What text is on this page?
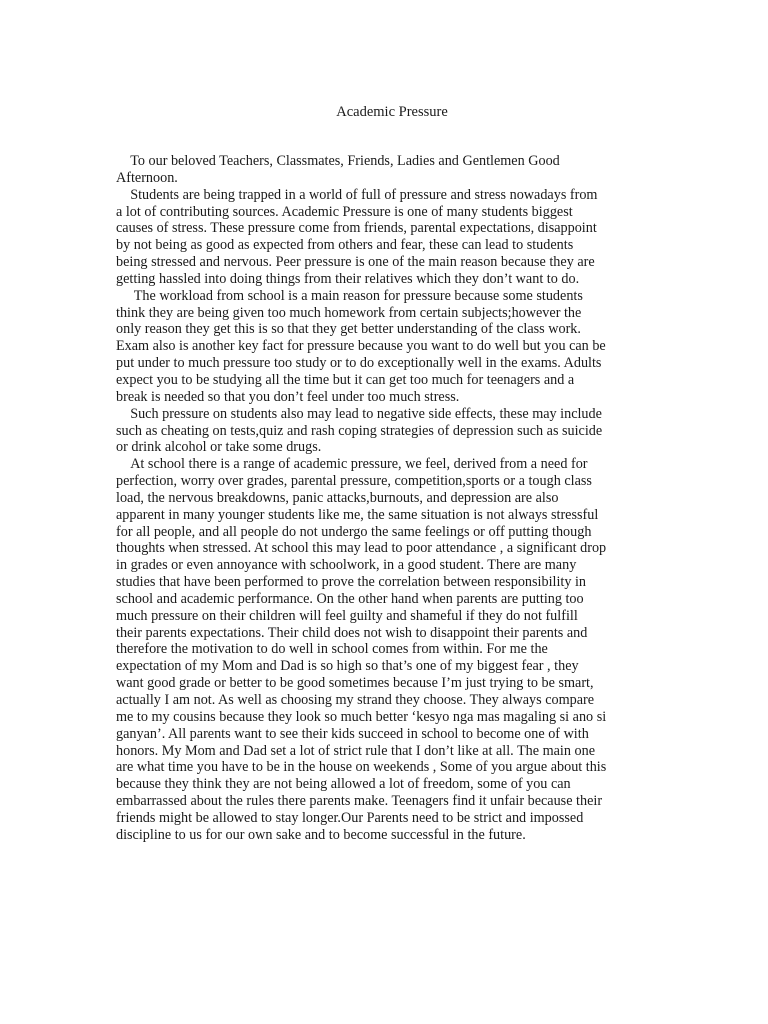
Academic Pressure
To our beloved Teachers, Classmates, Friends, Ladies and Gentlemen Good
Afternoon.
Students are being trapped in a world of full of pressure and stress nowadays from
a lot of contributing sources. Academic Pressure is one of many students biggest
causes of stress. These pressure come from friends, parental expectations, disappoint
by not being as good as expected from others and fear, these can lead to students
being stressed and nervous. Peer pressure is one of the main reason because they are
getting hassled into doing things from their relatives which they don’t want to do.
The workload from school is a main reason for pressure because some students
think they are being given too much homework from certain subjects;however the
only reason they get this is so that they get better understanding of the class work.
Exam also is another key fact for pressure because you want to do well but you can be
put under to much pressure too study or to do exceptionally well in the exams. Adults
expect you to be studying all the time but it can get too much for teenagers and a
break is needed so that you don’t feel under too much stress.
Such pressure on students also may lead to negative side effects, these may include
such as cheating on tests,quiz and rash coping strategies of depression such as suicide
or drink alcohol or take some drugs.
At school there is a range of academic pressure, we feel, derived from a need for
perfection, worry over grades, parental pressure, competition,sports or a tough class
load, the nervous breakdowns, panic attacks,burnouts, and depression are also
apparent in many younger students like me, the same situation is not always stressful
for all people, and all people do not undergo the same feelings or off putting though
thoughts when stressed. At school this may lead to poor attendance , a significant drop
in grades or even annoyance with schoolwork, in a good student. There are many
studies that have been performed to prove the correlation between responsibility in
school and academic performance. On the other hand when parents are putting too
much pressure on their children will feel guilty and shameful if they do not fulfill
their parents expectations. Their child does not wish to disappoint their parents and
therefore the motivation to do well in school comes from within. For me the
expectation of my Mom and Dad is so high so that’s one of my biggest fear , they
want good grade or better to be good sometimes because I’m just trying to be smart,
actually I am not. As well as choosing my strand they choose. They always compare
me to my cousins because they look so much better ‘kesyo nga mas magaling si ano si
ganyan’. All parents want to see their kids succeed in school to become one of with
honors. My Mom and Dad set a lot of strict rule that I don’t like at all. The main one
are what time you have to be in the house on weekends , Some of you argue about this
because they think they are not being allowed a lot of freedom, some of you can
embarrassed about the rules there parents make. Teenagers find it unfair because their
friends might be allowed to stay longer.Our Parents need to be strict and impossed
discipline to us for our own sake and to become successful in the future.
